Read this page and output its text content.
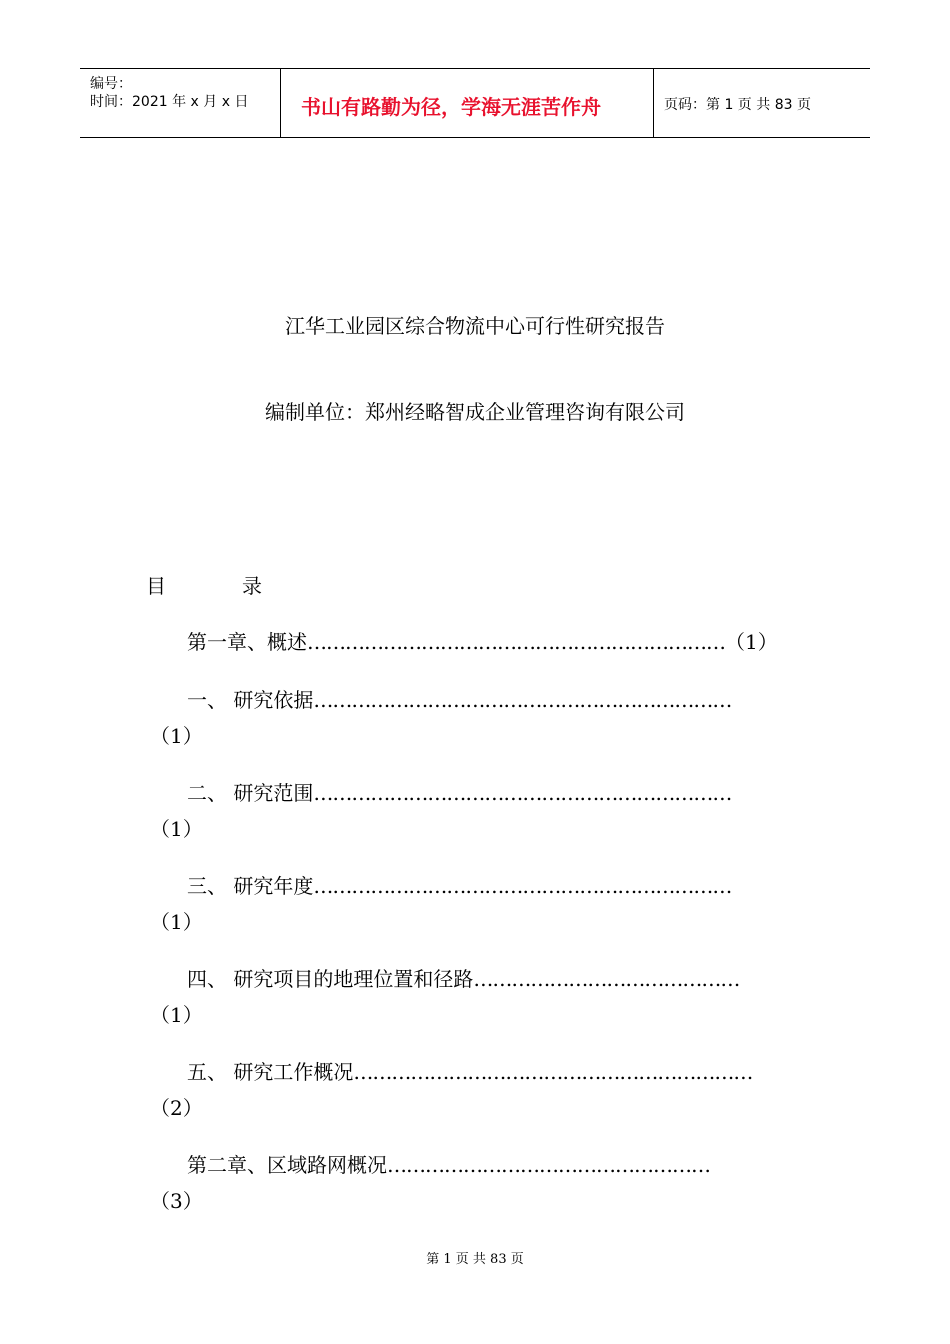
编号：
时间：2021 年 x 月 x 日	书山有路勤为径，学海无涯苦作舟	页码：第 1 页 共 83 页
江华工业园区综合物流中心可行性研究报告
编制单位：郑州经略智成企业管理咨询有限公司
目	录
第一章、概述…………………………………………………………（1）
一、 研究依据…………………………………………………………
（1）
二、 研究范围…………………………………………………………
（1）
三、 研究年度…………………………………………………………
（1）
四、 研究项目的地理位置和径路……………………………………
（1）
五、 研究工作概况………………………………………………………
（2）
第二章、区域路网概况……………………………………………
（3）
第 1 页 共 83 页
